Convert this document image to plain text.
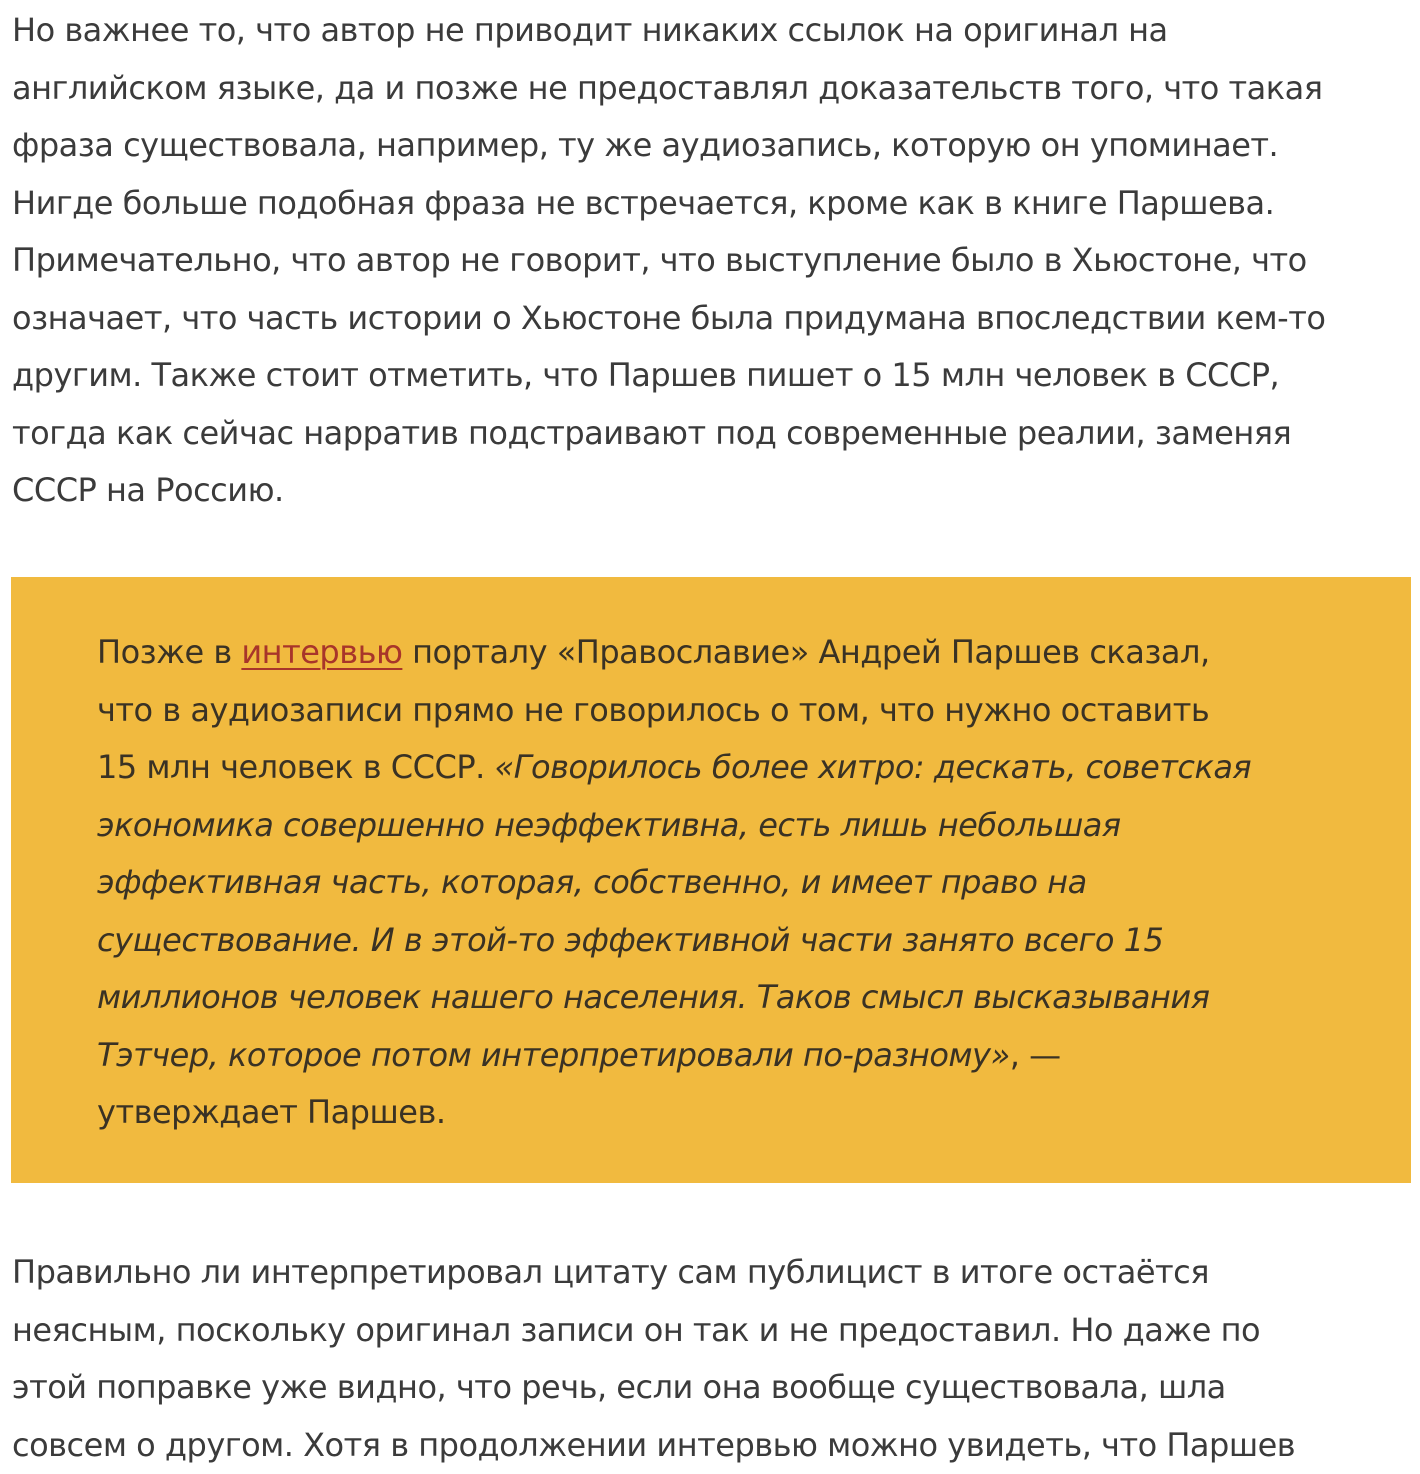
Но важнее то, что автор не приводит никаких ссылок на оригинал на
английском языке, да и позже не предоставлял доказательств того, что такая
фраза существовала, например, ту же аудиозапись, которую он упоминает.
Нигде больше подобная фраза не встречается, кроме как в книге Паршева.
Примечательно, что автор не говорит, что выступление было в Хьюстоне, что
означает, что часть истории о Хьюстоне была придумана впоследствии кем-то
другим. Также стоит отметить, что Паршев пишет о 15 млн человек в СССР,
тогда как сейчас нарратив подстраивают под современные реалии, заменяя
СССР на Россию.

Позже в интервью порталу «Православие» Андрей Паршев сказал,
что в аудиозаписи прямо не говорилось о том, что нужно оставить
15 млн человек в СССР. «Говорилось более хитро: дескать, советская
экономика совершенно неэффективна, есть лишь небольшая
эффективная часть, которая, собственно, и имеет право на
существование. И в этой-то эффективной части занято всего 15
миллионов человек нашего населения. Таков смысл высказывания
Тэтчер, которое потом интерпретировали по-разному», —
утверждает Паршев.

Правильно ли интерпретировал цитату сам публицист в итоге остаётся
неясным, поскольку оригинал записи он так и не предоставил. Но даже по
этой поправке уже видно, что речь, если она вообще существовала, шла
совсем о другом. Хотя в продолжении интервью можно увидеть, что Паршев
